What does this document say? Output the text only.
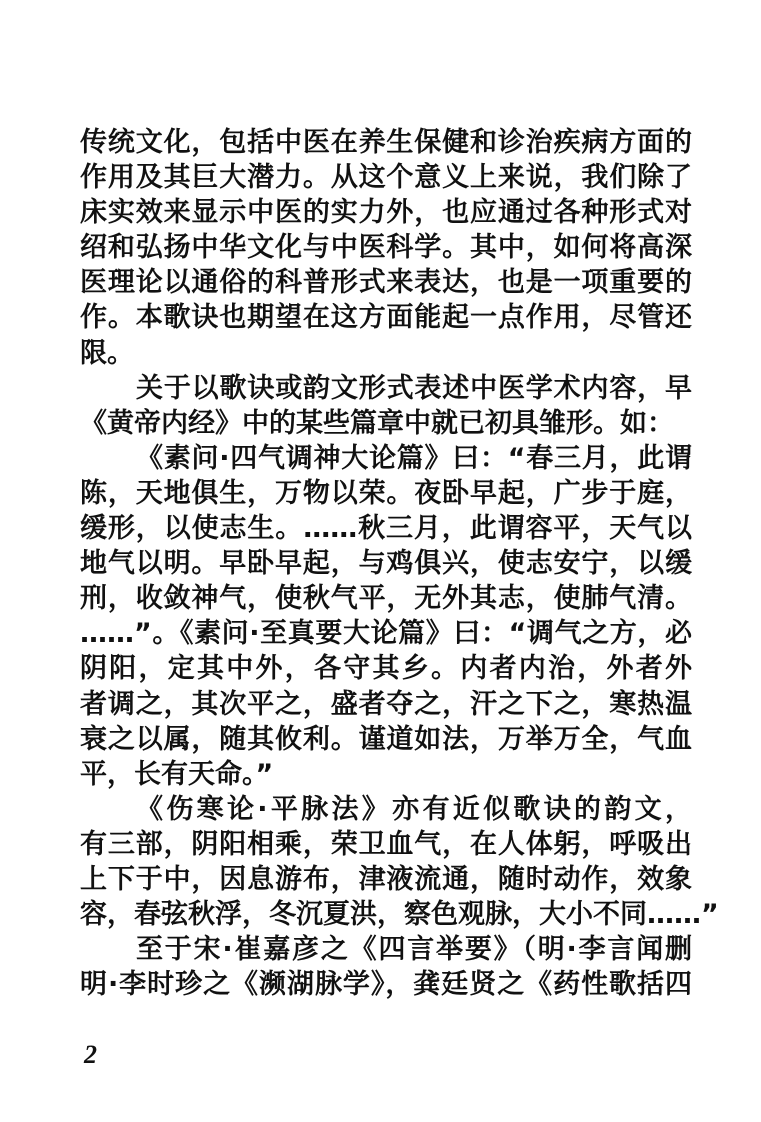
传统文化，包括中医在养生保健和诊治疾病方面的
作用及其巨大潜力。从这个意义上来说，我们除了
床实效来显示中医的实力外，也应通过各种形式对
绍和弘扬中华文化与中医科学。其中，如何将高深
医理论以通俗的科普形式来表达，也是一项重要的
作。本歌诀也期望在这方面能起一点作用，尽管还
限。
关于以歌诀或韵文形式表述中医学术内容，早
《黄帝内经》中的某些篇章中就已初具雏形。如：
《素问·四气调神大论篇》曰：“春三月，此谓
陈，天地俱生，万物以荣。夜卧早起，广步于庭，
缓形，以使志生。……秋三月，此谓容平，天气以
地气以明。早卧早起，与鸡俱兴，使志安宁，以缓
刑，收敛神气，使秋气平，无外其志，使肺气清。
……”。《素问·至真要大论篇》曰：“调气之方，必
阴阳，定其中外，各守其乡。内者内治，外者外
者调之，其次平之，盛者夺之，汗之下之，寒热温
衰之以属，随其攸利。谨道如法，万举万全，气血
平，长有天命。”
《伤寒论·平脉法》亦有近似歌诀的韵文，
有三部，阴阳相乘，荣卫血气，在人体躬，呼吸出
上下于中，因息游布，津液流通，随时动作，效象
容，春弦秋浮，冬沉夏洪，察色观脉，大小不同……”
至于宋·崔嘉彦之《四言举要》（明·李言闻删
明·李时珍之《濒湖脉学》，龚廷贤之《药性歌括四
2
